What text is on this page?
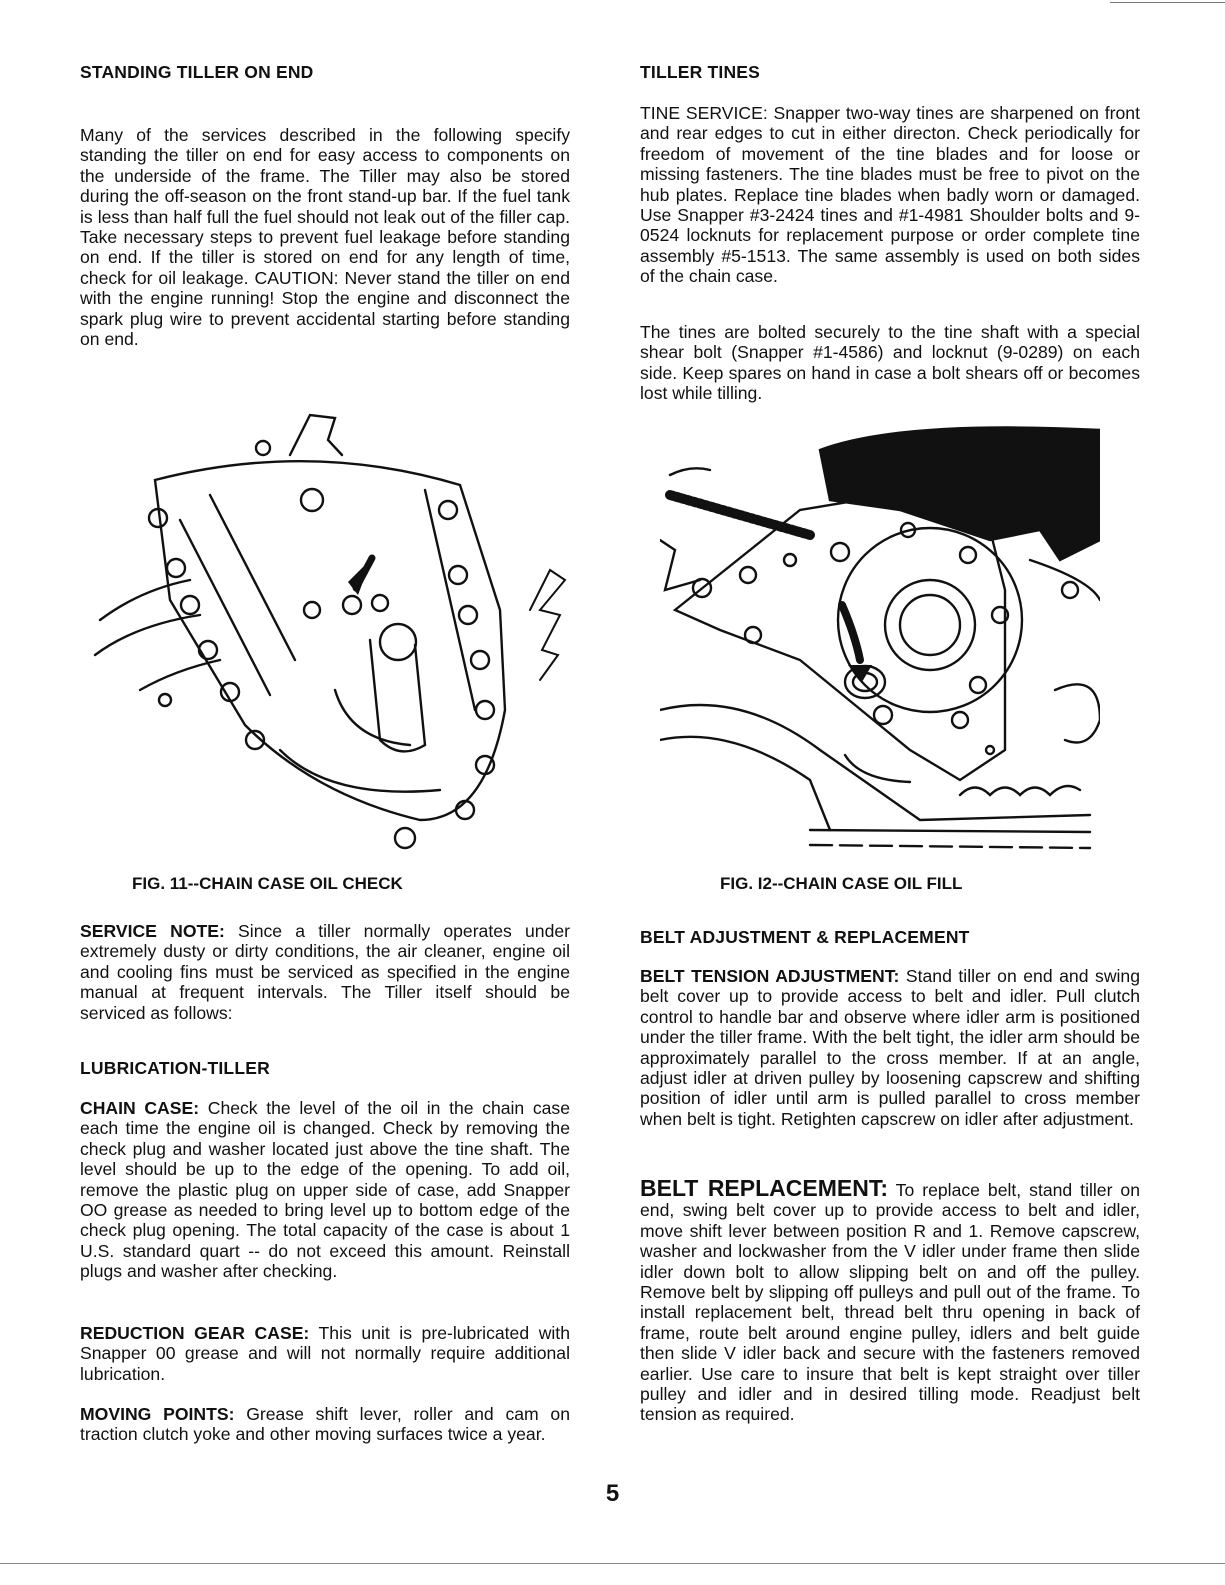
STANDING TILLER ON END

Many of the services described in the following specify standing the tiller on end for easy access to components on the underside of the frame. The Tiller may also be stored during the off-season on the front stand-up bar. If the fuel tank is less than half full the fuel should not leak out of the filler cap. Take necessary steps to prevent fuel leakage before standing on end. If the tiller is stored on end for any length of time, check for oil leakage. CAUTION: Never stand the tiller on end with the engine running! Stop the engine and disconnect the spark plug wire to prevent accidental starting before standing on end.

FIG. 11--CHAIN CASE OIL CHECK

SERVICE NOTE: Since a tiller normally operates under extremely dusty or dirty conditions, the air cleaner, engine oil and cooling fins must be serviced as specified in the engine manual at frequent intervals. The Tiller itself should be serviced as follows:

LUBRICATION-TILLER

CHAIN CASE: Check the level of the oil in the chain case each time the engine oil is changed. Check by removing the check plug and washer located just above the tine shaft. The level should be up to the edge of the opening. To add oil, remove the plastic plug on upper side of case, add Snapper OO grease as needed to bring level up to bottom edge of the check plug opening. The total capacity of the case is about 1 U.S. standard quart -- do not exceed this amount. Reinstall plugs and washer after checking.

REDUCTION GEAR CASE: This unit is pre-lubricated with Snapper 00 grease and will not normally require additional lubrication.

MOVING POINTS: Grease shift lever, roller and cam on traction clutch yoke and other moving surfaces twice a year.

TILLER TINES

TINE SERVICE: Snapper two-way tines are sharpened on front and rear edges to cut in either directon. Check periodically for freedom of movement of the tine blades and for loose or missing fasteners. The tine blades must be free to pivot on the hub plates. Replace tine blades when badly worn or damaged. Use Snapper #3-2424 tines and #1-4981 Shoulder bolts and 9-0524 locknuts for replacement purpose or order complete tine assembly #5-1513. The same assembly is used on both sides of the chain case.

The tines are bolted securely to the tine shaft with a special shear bolt (Snapper #1-4586) and locknut (9-0289) on each side. Keep spares on hand in case a bolt shears off or becomes lost while tilling.

FIG. I2--CHAIN CASE OIL FILL
BELT ADJUSTMENT & REPLACEMENT

BELT TENSION ADJUSTMENT: Stand tiller on end and swing belt cover up to provide access to belt and idler. Pull clutch control to handle bar and observe where idler arm is positioned under the tiller frame. With the belt tight, the idler arm should be approximately parallel to the cross member. If at an angle, adjust idler at driven pulley by loosening capscrew and shifting position of idler until arm is pulled parallel to cross member when belt is tight. Retighten capscrew on idler after adjustment.

BELT REPLACEMENT: To replace belt, stand tiller on end, swing belt cover up to provide access to belt and idler, move shift lever between position R and 1. Remove capscrew, washer and lockwasher from the V idler under frame then slide idler down bolt to allow slipping belt on and off the pulley. Remove belt by slipping off pulleys and pull out of the frame. To install replacement belt, thread belt thru opening in back of frame, route belt around engine pulley, idlers and belt guide then slide V idler back and secure with the fasteners removed earlier. Use care to insure that belt is kept straight over tiller pulley and idler and in desired tilling mode. Readjust belt tension as required.

5
